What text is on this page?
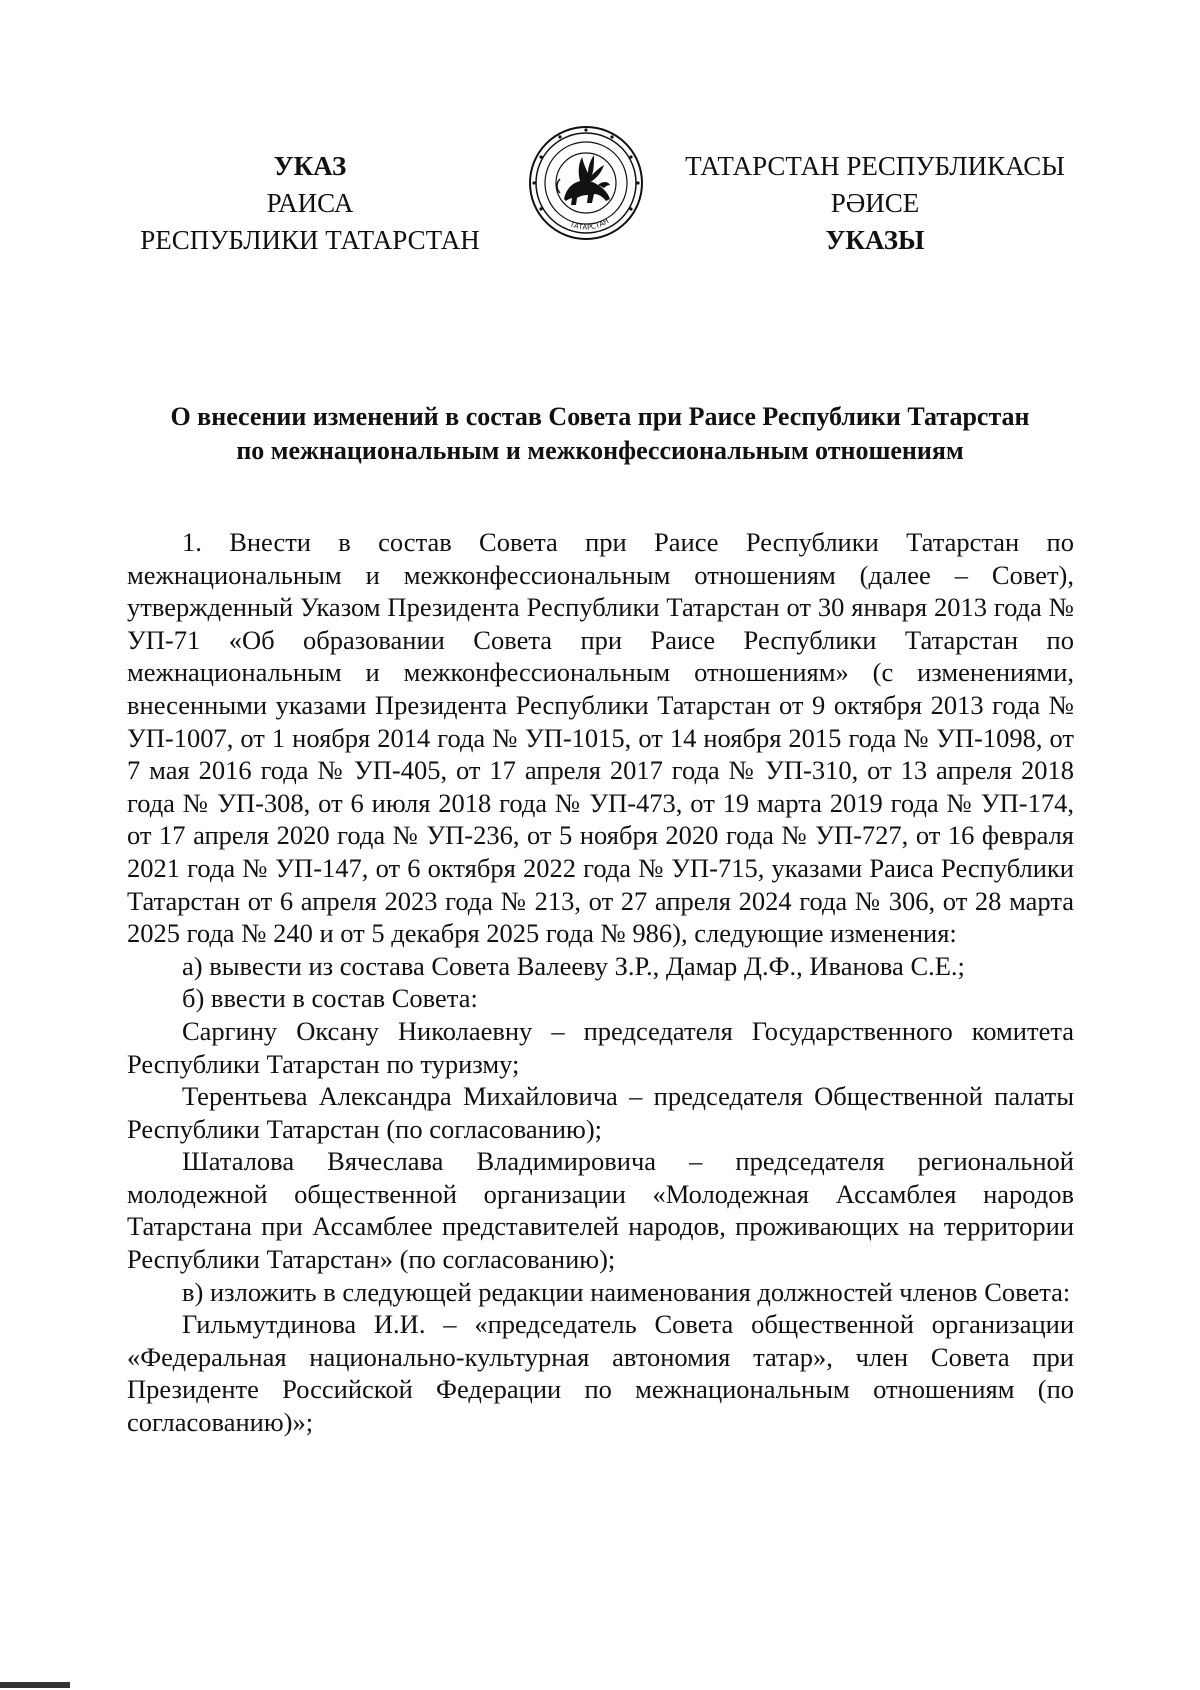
УКАЗ
РАИСА
РЕСПУБЛИКИ ТАТАРСТАН
ТАТАРСТАН
ТАТАРСТАН РЕСПУБЛИКАСЫ
РӘИСЕ
УКАЗЫ
О внесении изменений в состав Совета при Раисе Республики Татарстан
по межнациональным и межконфессиональным отношениям

1. Внести в состав Совета при Раисе Республики Татарстан по межнациональным и межконфессиональным отношениям (далее – Совет), утвержденный Указом Президента Республики Татарстан от 30 января 2013 года № УП-71 «Об образовании Совета при Раисе Республики Татарстан по межнациональным и межконфессиональным отношениям» (с изменениями, внесенными указами Президента Республики Татарстан от 9 октября 2013 года № УП-1007, от 1 ноября 2014 года № УП-1015, от 14 ноября 2015 года № УП-1098, от 7 мая 2016 года № УП-405, от 17 апреля 2017 года № УП-310, от 13 апреля 2018 года № УП-308, от 6 июля 2018 года № УП-473, от 19 марта 2019 года № УП-174, от 17 апреля 2020 года № УП-236, от 5 ноября 2020 года № УП-727, от 16 февраля 2021 года № УП-147, от 6 октября 2022 года № УП-715, указами Раиса Республики Татарстан от 6 апреля 2023 года № 213, от 27 апреля 2024 года № 306, от 28 марта 2025 года № 240 и от 5 декабря 2025 года № 986), следующие изменения:

а) вывести из состава Совета Валееву З.Р., Дамар Д.Ф., Иванова С.Е.;

б) ввести в состав Совета:

Саргину Оксану Николаевну – председателя Государственного комитета Республики Татарстан по туризму;

Терентьева Александра Михайловича – председателя Общественной палаты Республики Татарстан (по согласованию);

Шаталова Вячеслава Владимировича – председателя региональной молодежной общественной организации «Молодежная Ассамблея народов Татарстана при Ассамблее представителей народов, проживающих на территории Республики Татарстан» (по согласованию);

в) изложить в следующей редакции наименования должностей членов Совета:

Гильмутдинова И.И. – «председатель Совета общественной организации «Федеральная национально-культурная автономия татар», член Совета при Президенте Российской Федерации по межнациональным отношениям (по согласованию)»;
